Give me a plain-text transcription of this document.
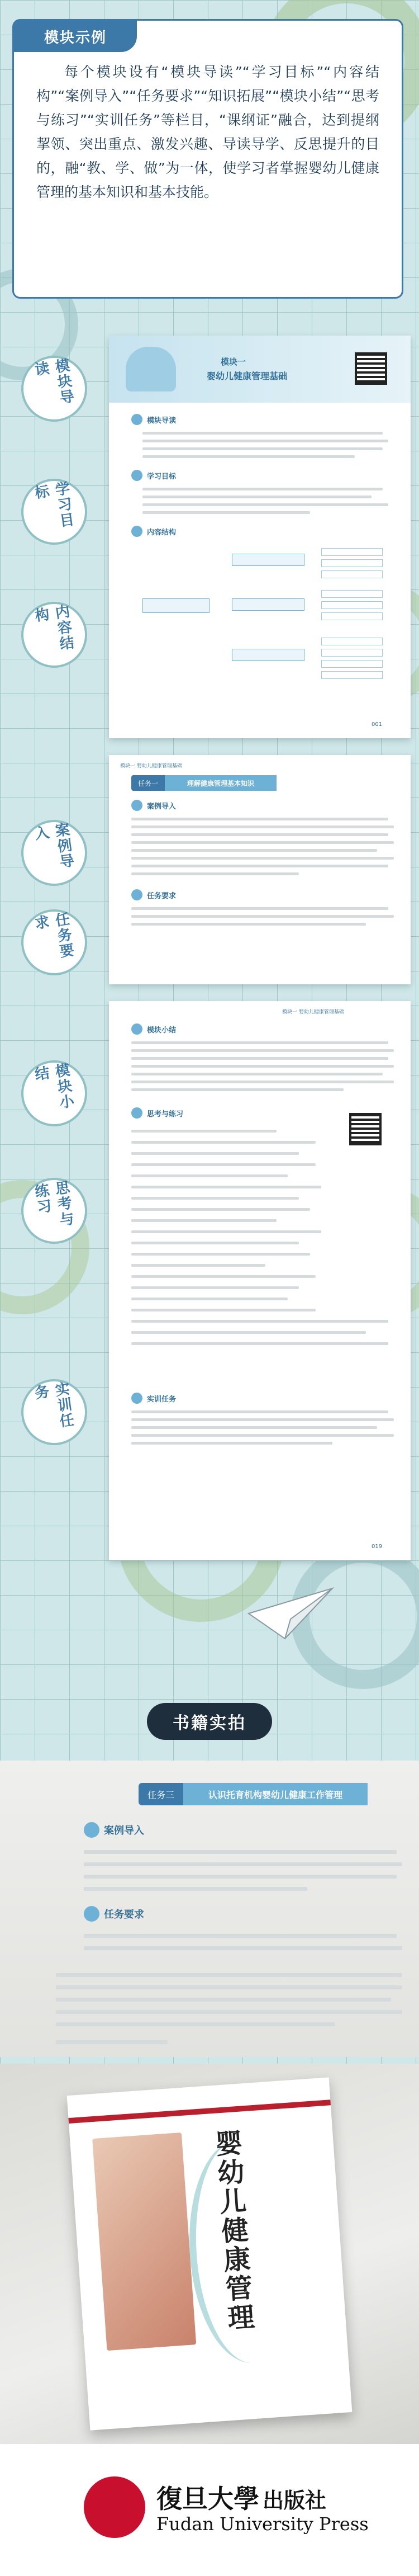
模块示例

每个模块设有“模块导读”“学习目标”“内容结构”“案例导入”“任务要求”“知识拓展”“模块小结”“思考与练习”“实训任务”等栏目，“课纲证”融合，达到提纲挈领、突出重点、激发兴趣、导读导学、反思提升的目的，融“教、学、做”为一体，使学习者掌握婴幼儿健康管理的基本知识和基本技能。

模块导读
学习目标
内容结构
案例导入
任务要求
模块小结
思考与练习
实训任务
模块一
婴幼儿健康管理基础
模块导读
学习目标
内容结构
001
模块一 婴幼儿健康管理基础
任务一	理解健康管理基本知识
案例导入
任务要求
模块一 婴幼儿健康管理基础
模块小结
思考与练习
实训任务
019
书籍实拍
任务三	认识托育机构婴幼儿健康工作管理
案例导入
任务要求
婴幼儿健康管理
復旦大學 出版社
Fudan University Press
